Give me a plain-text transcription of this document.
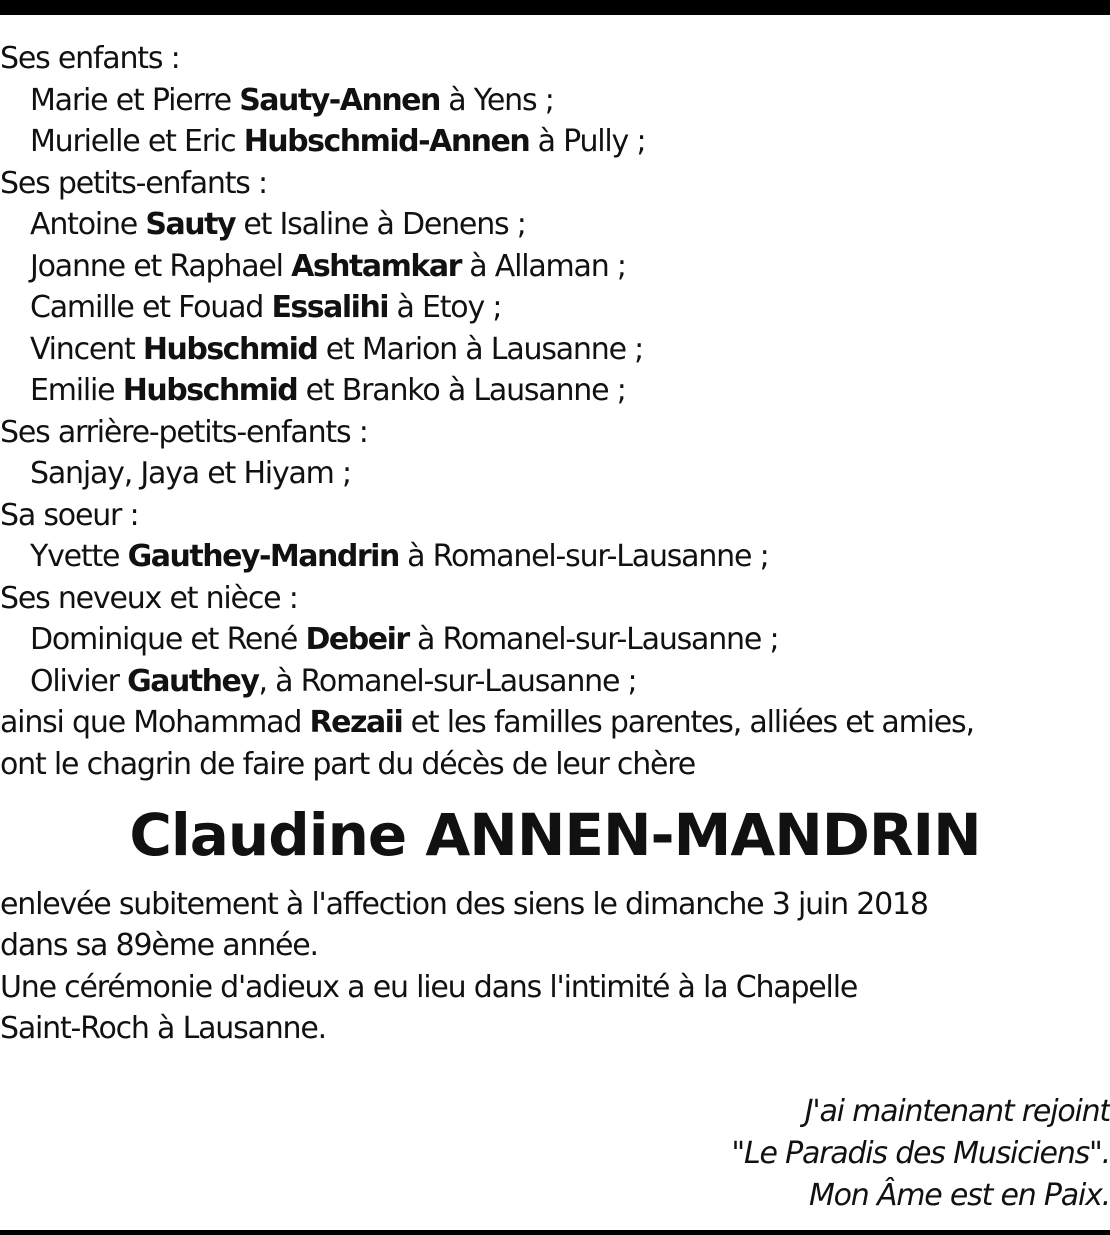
Ses enfants :
Marie et Pierre Sauty-Annen à Yens ;
Murielle et Eric Hubschmid-Annen à Pully ;
Ses petits-enfants :
Antoine Sauty et Isaline à Denens ;
Joanne et Raphael Ashtamkar à Allaman ;
Camille et Fouad Essalihi à Etoy ;
Vincent Hubschmid et Marion à Lausanne ;
Emilie Hubschmid et Branko à Lausanne ;
Ses arrière-petits-enfants :
Sanjay, Jaya et Hiyam ;
Sa soeur :
Yvette Gauthey-Mandrin à Romanel-sur-Lausanne ;
Ses neveux et nièce :
Dominique et René Debeir à Romanel-sur-Lausanne ;
Olivier Gauthey, à Romanel-sur-Lausanne ;
ainsi que Mohammad Rezaii et les familles parentes, alliées et amies,
ont le chagrin de faire part du décès de leur chère
Claudine ANNEN-MANDRIN
enlevée subitement à l'affection des siens le dimanche 3 juin 2018
dans sa 89ème année.
Une cérémonie d'adieux a eu lieu dans l'intimité à la Chapelle
Saint-Roch à Lausanne.
J'ai maintenant rejoint
"Le Paradis des Musiciens".
Mon Âme est en Paix.
